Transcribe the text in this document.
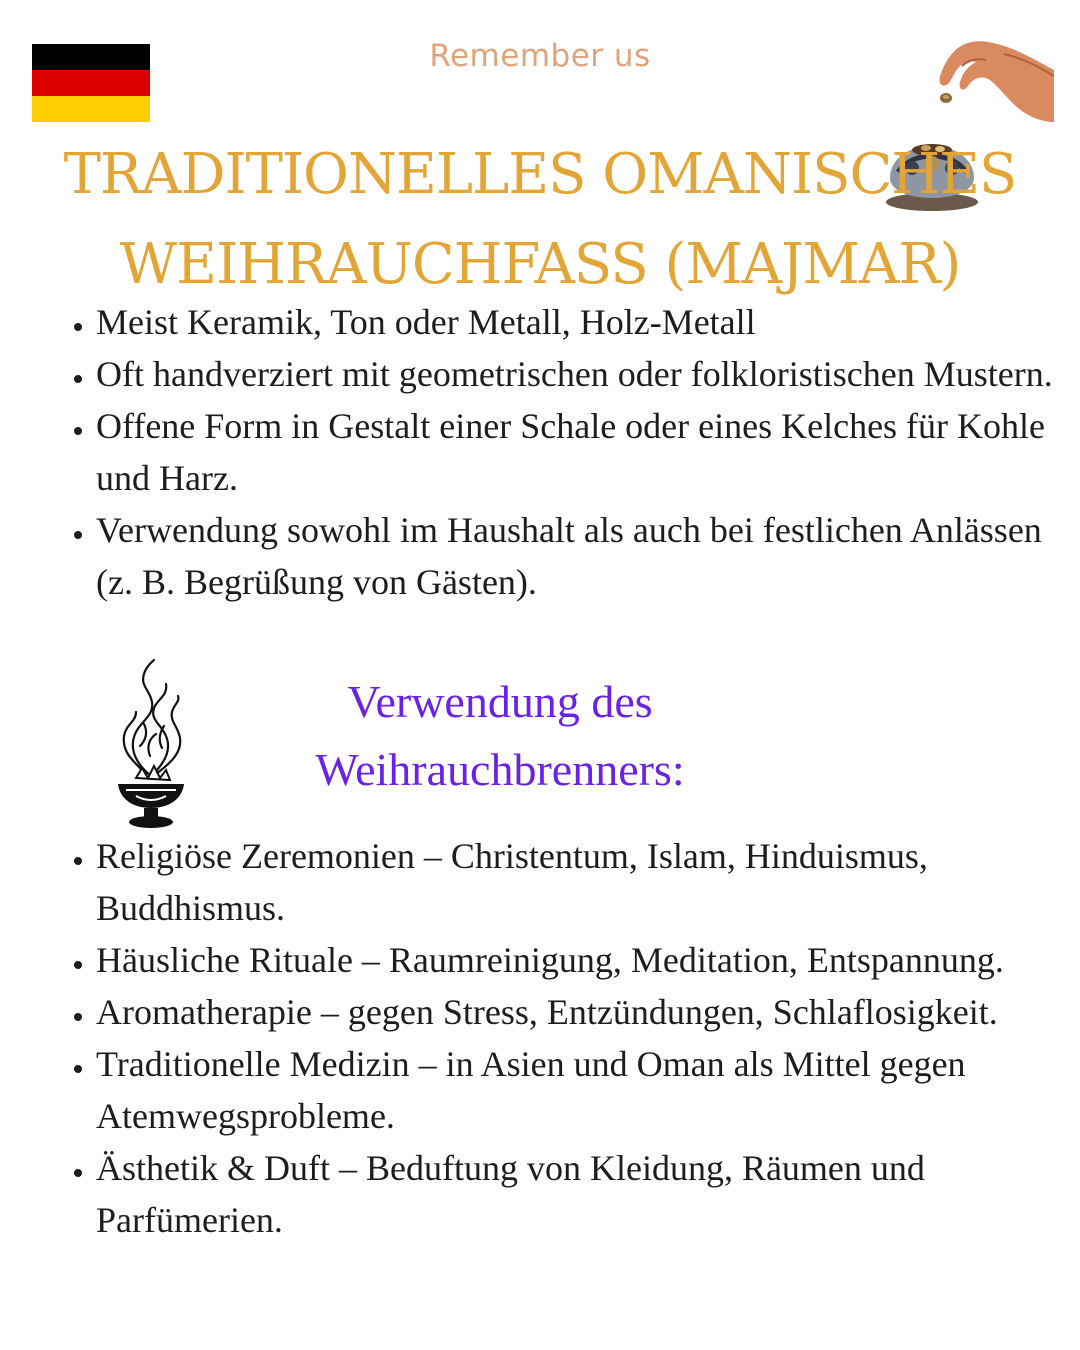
Remember us
TRADITIONELLES OMANISCHES
WEIHRAUCHFASS (MAJMAR)
• Meist Keramik, Ton oder Metall, Holz-Metall
• Oft handverziert mit geometrischen oder folkloristischen Mustern.
• Offene Form in Gestalt einer Schale oder eines Kelches für Kohle und Harz.
• Verwendung sowohl im Haushalt als auch bei festlichen Anlässen (z. B. Begrüßung von Gästen).
Verwendung des
Weihrauchbrenners:
• Religiöse Zeremonien – Christentum, Islam, Hinduismus, Buddhismus.
• Häusliche Rituale – Raumreinigung, Meditation, Entspannung.
• Aromatherapie – gegen Stress, Entzündungen, Schlaflosigkeit.
• Traditionelle Medizin – in Asien und Oman als Mittel gegen Atemwegsprobleme.
• Ästhetik & Duft – Beduftung von Kleidung, Räumen und Parfümerien.
